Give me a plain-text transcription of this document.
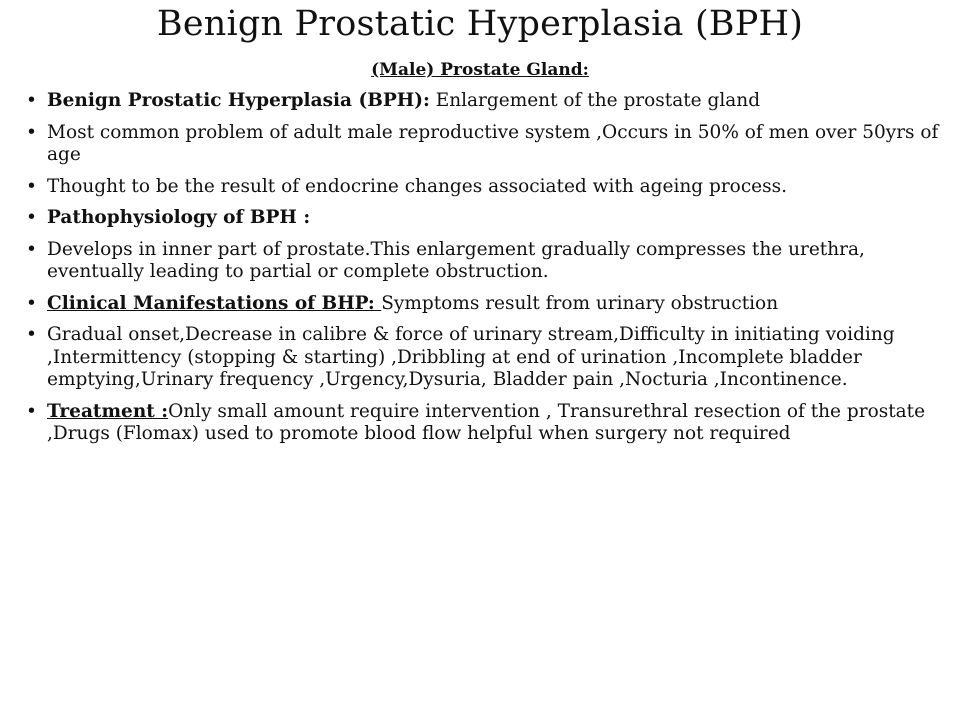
Benign Prostatic Hyperplasia (BPH)
(Male) Prostate Gland:
• Benign Prostatic Hyperplasia (BPH): Enlargement of the prostate gland
• Most common problem of adult male reproductive system ,Occurs in 50% of men over 50yrs of age
• Thought to be the result of endocrine changes associated with ageing process.
• Pathophysiology of BPH :
• Develops in inner part of prostate.This enlargement gradually compresses the urethra, eventually leading to partial or complete obstruction.
• Clinical Manifestations of BHP: Symptoms result from urinary obstruction
• Gradual onset,Decrease in calibre & force of urinary stream,Difficulty in initiating voiding ,Intermittency (stopping & starting) ,Dribbling at end of urination ,Incomplete bladder emptying,Urinary frequency ,Urgency,Dysuria, Bladder pain ,Nocturia ,Incontinence.
• Treatment :Only small amount require intervention , Transurethral resection of the prostate ,Drugs (Flomax) used to promote blood flow helpful when surgery not required
